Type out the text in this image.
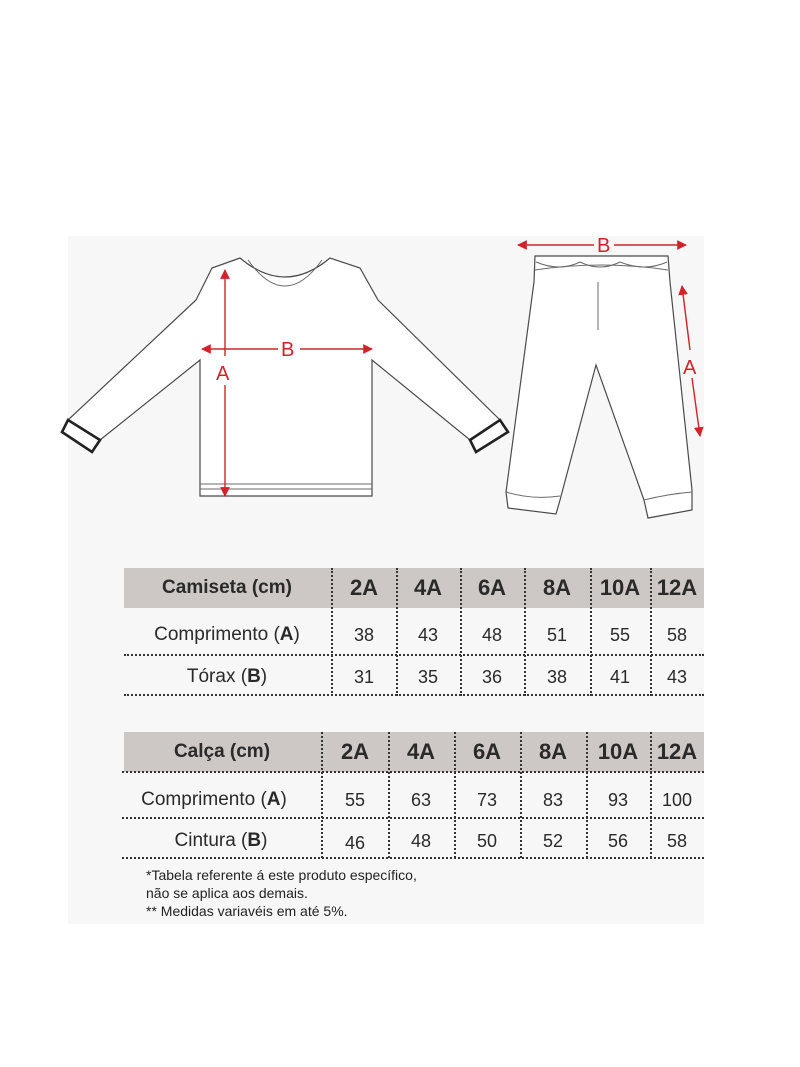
A
B
B
A
Camiseta (cm)	2A	4A	6A	8A	10A 12A
Comprimento ( A )	38	43	48	51	55	58
Tórax ( B )	31	35	36	38	41	43
Calça (cm)	2A	4A	6A	8A	10A 12A
Comprimento ( A )	55	63	73	83	93	100
Cintura ( B )	46	48	50	52	56	58
*Tabela referente á este produto específico,
não se aplica aos demais.
** Medidas variavéis em até 5%.
